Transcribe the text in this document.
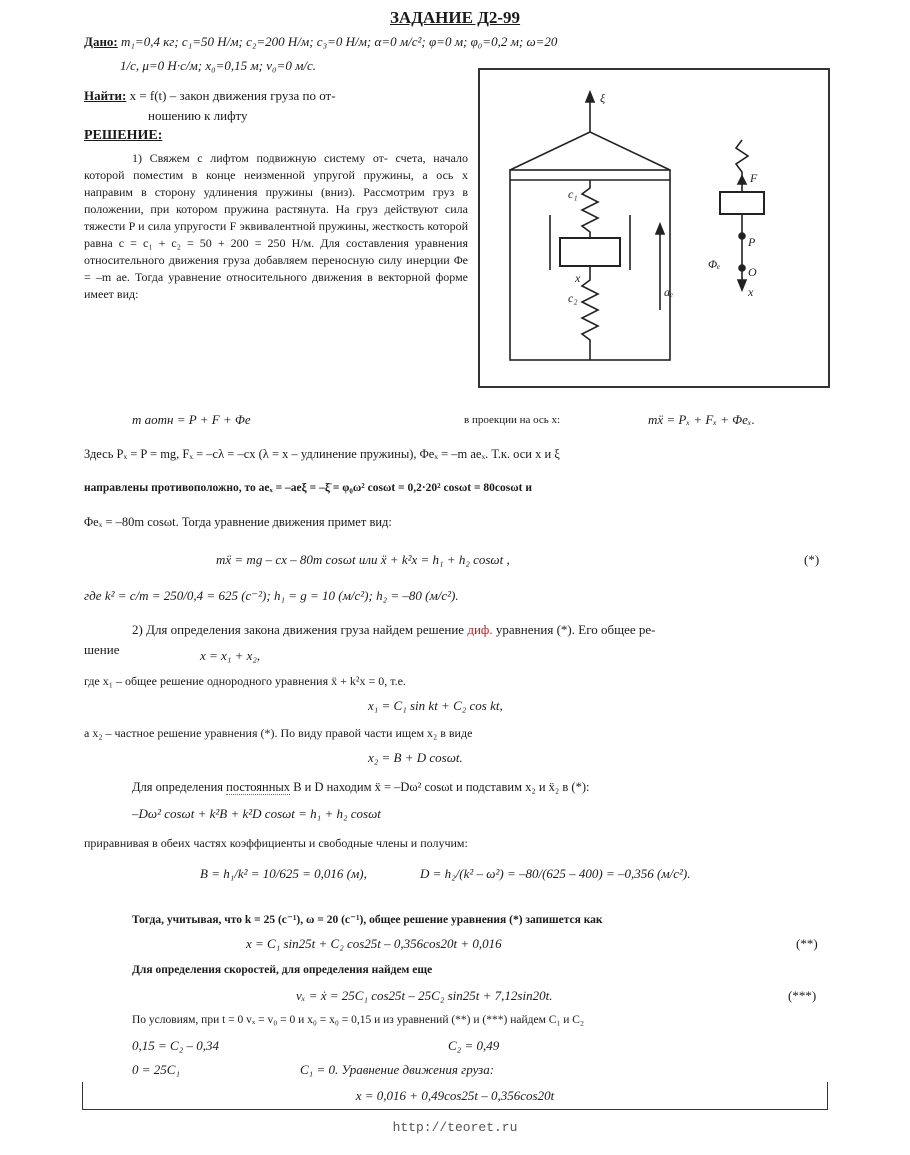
ЗАДАНИЕ Д2-99
Дано: m₁=0,4 кг; c₁=50 Н/м; c₂=200 Н/м; c₃=0 Н/м; α=0 м/с²; φ=0 м; φ₀=0,2 м; ω=20
1/с, μ=0 Н·с/м; x₀=0,15 м; v₀=0 м/с.
Найти: x = f(t) – закон движения груза по от-
ношению к лифту
РЕШЕНИЕ:
1) Свяжем с лифтом подвижную систему от- счета, начало которой поместим в конце неизменной упругой пружины, а ось x направим в сторону удлинения пружины (вниз). Рассмотрим груз в положении, при котором пружина растянута. На груз действуют сила тяжести P и сила упругости F эквивалентной пружины, жесткость которой равна c = c₁ + c₂ = 50 + 200 = 250 Н/м. Для составления уравнения относительного движения груза добавляем переносную силу инерции Φе = –m aе. Тогда уравнение относительного движения в векторной форме имеет вид:
ξ
c₁
c₂
x
aₑ
F
P
Φₑ
O
x
m aотн = P + F + Φе	в проекции на ось x:	mẍ = Pₓ + Fₓ + Φеₓ.
Здесь Pₓ = P = mg, Fₓ = –cλ = –cx (λ = x – удлинение пружины), Φеₓ = –m aеₓ. Т.к. оси x и ξ
направлены противоположно, то aеₓ = –aеξ = –ξ̈ = φ₀ω² cosωt = 0,2·20² cosωt = 80cosωt и
Φеₓ = –80m cosωt. Тогда уравнение движения примет вид:
mẍ = mg – cx – 80m cosωt или ẍ + k²x = h₁ + h₂ cosωt ,	(*)
где k² = c/m = 250/0,4 = 625 (c⁻²); h₁ = g = 10 (м/с²); h₂ = –80 (м/с²).
2) Для определения закона движения груза найдем решение диф. уравнения (*). Его общее ре-
шение	x = x₁ + x₂,
где x₁ – общее решение однородного уравнения ẍ + k²x = 0, т.е.
x₁ = C₁ sin kt + C₂ cos kt,
а x₂ – частное решение уравнения (*). По виду правой части ищем x₂ в виде
x₂ = B + D cosωt.
Для определения постоянных B и D находим ẍ = –Dω² cosωt и подставим x₂ и ẍ₂ в (*):
–Dω² cosωt + k²B + k²D cosωt = h₁ + h₂ cosωt
приравнивая в обеих частях коэффициенты и свободные члены и получим:
B = h₁/k² = 10/625 = 0,016 (м),	D = h₂/(k² – ω²) = –80/(625 – 400) = –0,356 (м/с²).
Тогда, учитывая, что k = 25 (c⁻¹), ω = 20 (c⁻¹), общее решение уравнения (*) запишется как
x = C₁ sin25t + C₂ cos25t – 0,356cos20t + 0,016	(**)
Для определения скоростей, для определения найдем еще
vₓ = ẋ = 25C₁ cos25t – 25C₂ sin25t + 7,12sin20t.	(***)
По условиям, при t = 0 vₓ = v₀ = 0 и x₀ = x₀ = 0,15 и из уравнений (**) и (***) найдем C₁ и C₂
0,15 = C₂ – 0,34	C₂ = 0,49
0 = 25C₁	C₁ = 0. Уравнение движения груза:
x = 0,016 + 0,49cos25t – 0,356cos20t
http://teoret.ru
